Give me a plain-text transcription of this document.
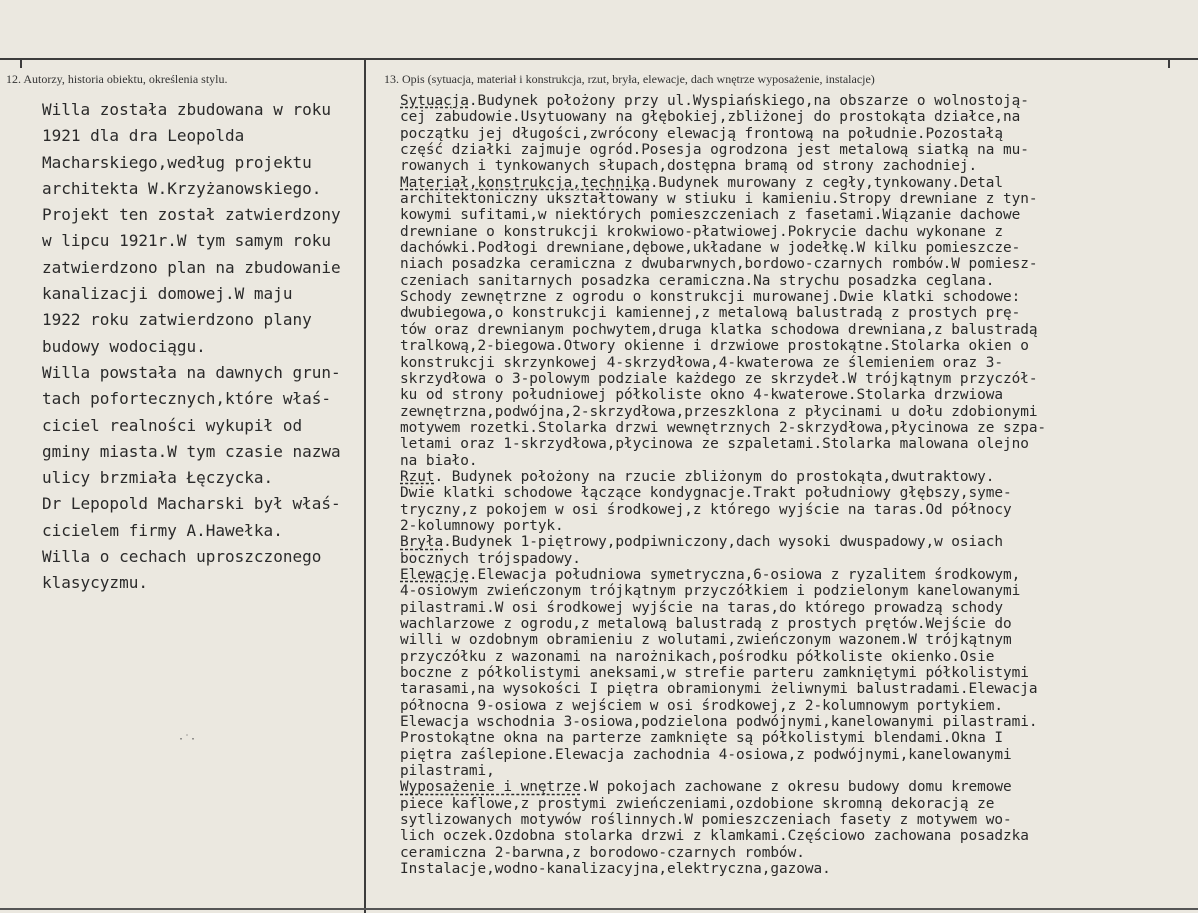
12. Autorzy, historia obiektu, określenia stylu.	13. Opis (sytuacja, materiał i konstrukcja, rzut, bryła, elewacje, dach wnętrze wyposażenie, instalacje)
Willa została zbudowana w roku
1921 dla dra Leopolda
Macharskiego,według projektu
architekta W.Krzyżanowskiego.
Projekt ten został zatwierdzony
w lipcu 1921r.W tym samym roku
zatwierdzono plan na zbudowanie
kanalizacji domowej.W maju
1922 roku zatwierdzono plany
budowy wodociągu.
Willa powstała na dawnych grun-
tach pofortecznych,które właś-
ciciel realności wykupił od
gminy miasta.W tym czasie nazwa
ulicy brzmiała Łęczycka.
Dr Lepopold Macharski był właś-
cicielem firmy A.Hawełka.
Willa o cechach uproszczonego
klasycyzmu.
Sytuacja.Budynek położony przy ul.Wyspiańskiego,na obszarze o wolnostoją-
cej zabudowie.Usytuowany na głębokiej,zbliżonej do prostokąta działce,na
początku jej długości,zwrócony elewacją frontową na południe.Pozostałą
część działki zajmuje ogród.Posesja ogrodzona jest metalową siatką na mu-
rowanych i tynkowanych słupach,dostępna bramą od strony zachodniej.
Materiał,konstrukcja,technika.Budynek murowany z cegły,tynkowany.Detal
architektoniczny ukształtowany w stiuku i kamieniu.Stropy drewniane z tyn-
kowymi sufitami,w niektórych pomieszczeniach z fasetami.Wiązanie dachowe
drewniane o konstrukcji krokwiowo-płatwiowej.Pokrycie dachu wykonane z
dachówki.Podłogi drewniane,dębowe,układane w jodełkę.W kilku pomieszcze-
niach posadzka ceramiczna z dwubarwnych,bordowo-czarnych rombów.W pomiesz-
czeniach sanitarnych posadzka ceramiczna.Na strychu posadzka ceglana.
Schody zewnętrzne z ogrodu o konstrukcji murowanej.Dwie klatki schodowe:
dwubiegowa,o konstrukcji kamiennej,z metalową balustradą z prostych prę-
tów oraz drewnianym pochwytem,druga klatka schodowa drewniana,z balustradą
tralkową,2-biegowa.Otwory okienne i drzwiowe prostokątne.Stolarka okien o
konstrukcji skrzynkowej 4-skrzydłowa,4-kwaterowa ze ślemieniem oraz 3-
skrzydłowa o 3-polowym podziale każdego ze skrzydeł.W trójkątnym przyczół-
ku od strony południowej półkoliste okno 4-kwaterowe.Stolarka drzwiowa
zewnętrzna,podwójna,2-skrzydłowa,przeszklona z płycinami u dołu zdobionymi
motywem rozetki.Stolarka drzwi wewnętrznych 2-skrzydłowa,płycinowa ze szpa-
letami oraz 1-skrzydłowa,płycinowa ze szpaletami.Stolarka malowana olejno
na biało.
Rzut. Budynek położony na rzucie zbliżonym do prostokąta,dwutraktowy.
Dwie klatki schodowe łączące kondygnacje.Trakt południowy głębszy,syme-
tryczny,z pokojem w osi środkowej,z którego wyjście na taras.Od północy
2-kolumnowy portyk.
Bryła.Budynek 1-piętrowy,podpiwniczony,dach wysoki dwuspadowy,w osiach
bocznych trójspadowy.
Elewacje.Elewacja południowa symetryczna,6-osiowa z ryzalitem środkowym,
4-osiowym zwieńczonym trójkątnym przyczółkiem i podzielonym kanelowanymi
pilastrami.W osi środkowej wyjście na taras,do którego prowadzą schody
wachlarzowe z ogrodu,z metalową balustradą z prostych prętów.Wejście do
willi w ozdobnym obramieniu z wolutami,zwieńczonym wazonem.W trójkątnym
przyczółku z wazonami na narożnikach,pośrodku półkoliste okienko.Osie
boczne z półkolistymi aneksami,w strefie parteru zamkniętymi półkolistymi
tarasami,na wysokości I piętra obramionymi żeliwnymi balustradami.Elewacja
północna 9-osiowa z wejściem w osi środkowej,z 2-kolumnowym portykiem.
Elewacja wschodnia 3-osiowa,podzielona podwójnymi,kanelowanymi pilastrami.
Prostokątne okna na parterze zamknięte są półkolistymi blendami.Okna I
piętra zaślepione.Elewacja zachodnia 4-osiowa,z podwójnymi,kanelowanymi
pilastrami,
Wyposażenie i wnętrze.W pokojach zachowane z okresu budowy domu kremowe
piece kaflowe,z prostymi zwieńczeniami,ozdobione skromną dekoracją ze
sytlizowanych motywów roślinnych.W pomieszczeniach fasety z motywem wo-
lich oczek.Ozdobna stolarka drzwi z klamkami.Częściowo zachowana posadzka
ceramiczna 2-barwna,z borodowo-czarnych rombów.
Instalacje,wodno-kanalizacyjna,elektryczna,gazowa.
·˙·
